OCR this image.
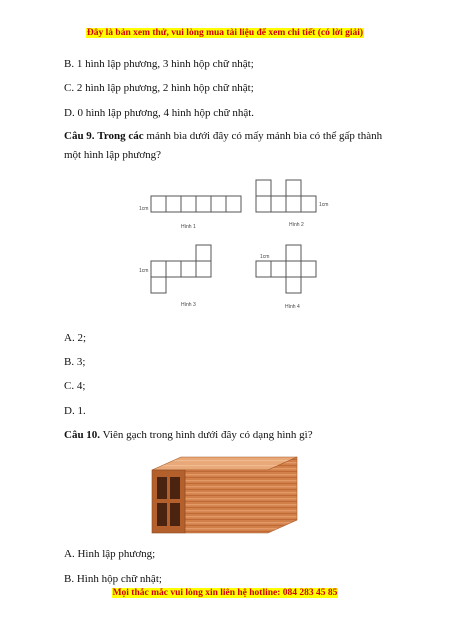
Đây là bản xem thử, vui lòng mua tài liệu để xem chi tiết (có lời giải)
B. 1 hình lập phương, 3 hình hộp chữ nhật;
C. 2 hình lập phương, 2 hình hộp chữ nhật;
D. 0 hình lập phương, 4 hình hộp chữ nhật.
Câu 9. Trong các mảnh bìa dưới đây có mấy mảnh bìa có thể gấp thành một hình lập phương?
1cm
1cm
1cm
1cm
Hình 1	Hình 2
Hình 3	Hình 4
A. 2;
B. 3;
C. 4;
D. 1.
Câu 10. Viên gạch trong hình dưới đây có dạng hình gì?
A. Hình lập phương;
B. Hình hộp chữ nhật;
Mọi thắc mắc vui lòng xin liên hệ hotline: 084 283 45 85
